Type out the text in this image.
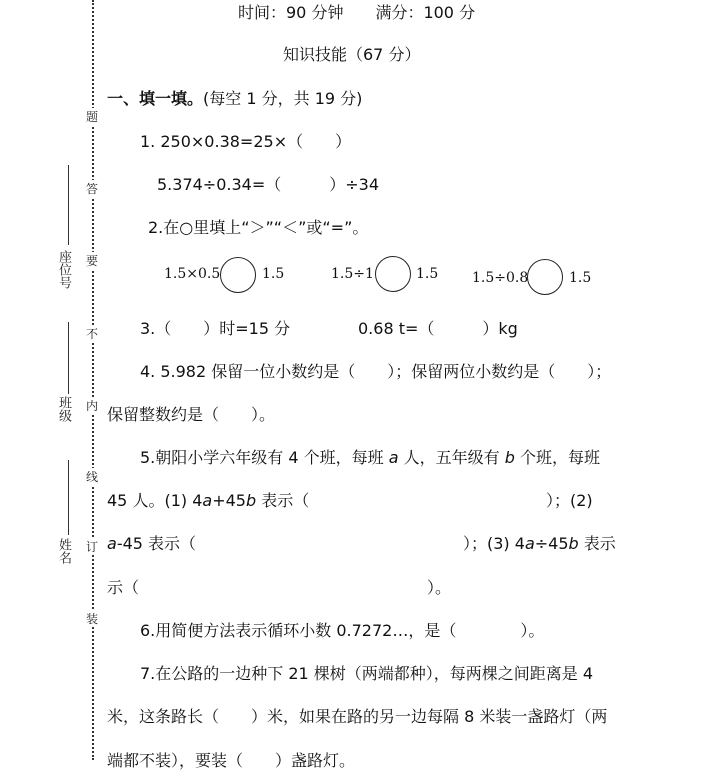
座位号
班级
姓名
题
答
要
不
内
线
订
装
时间：90 分钟　　满分：100 分
知识技能（67 分）
一、填一填。(每空 1 分，共 19 分)
1. 250×0.38=25×（　　）
5.374÷0.34=（　　　）÷34
2.在○里填上“＞”“＜”或“=”。
1.5×0.5	1.5	1.5÷1	1.5 1.5÷0.8	1.5
3.（　　）时=15 分	0.68 t=（　　　）kg
4. 5.982 保留一位小数约是（　　）；保留两位小数约是（　　）；
保留整数约是（　　）。
5.朝阳小学六年级有 4 个班，每班 a 人，五年级有 b 个班，每班
45 人。(1) 4a+45b 表示（	）；(2)
a-45 表示（	）；(3) 4a÷45b 表示
示（　　　　　　　　　　　　　　　　　　）。
6.用简便方法表示循环小数 0.7272…，是（　　　　）。
7.在公路的一边种下 21 棵树（两端都种），每两棵之间距离是 4
米，这条路长（　　）米，如果在路的另一边每隔 8 米装一盏路灯（两
端都不装），要装（　　）盏路灯。
